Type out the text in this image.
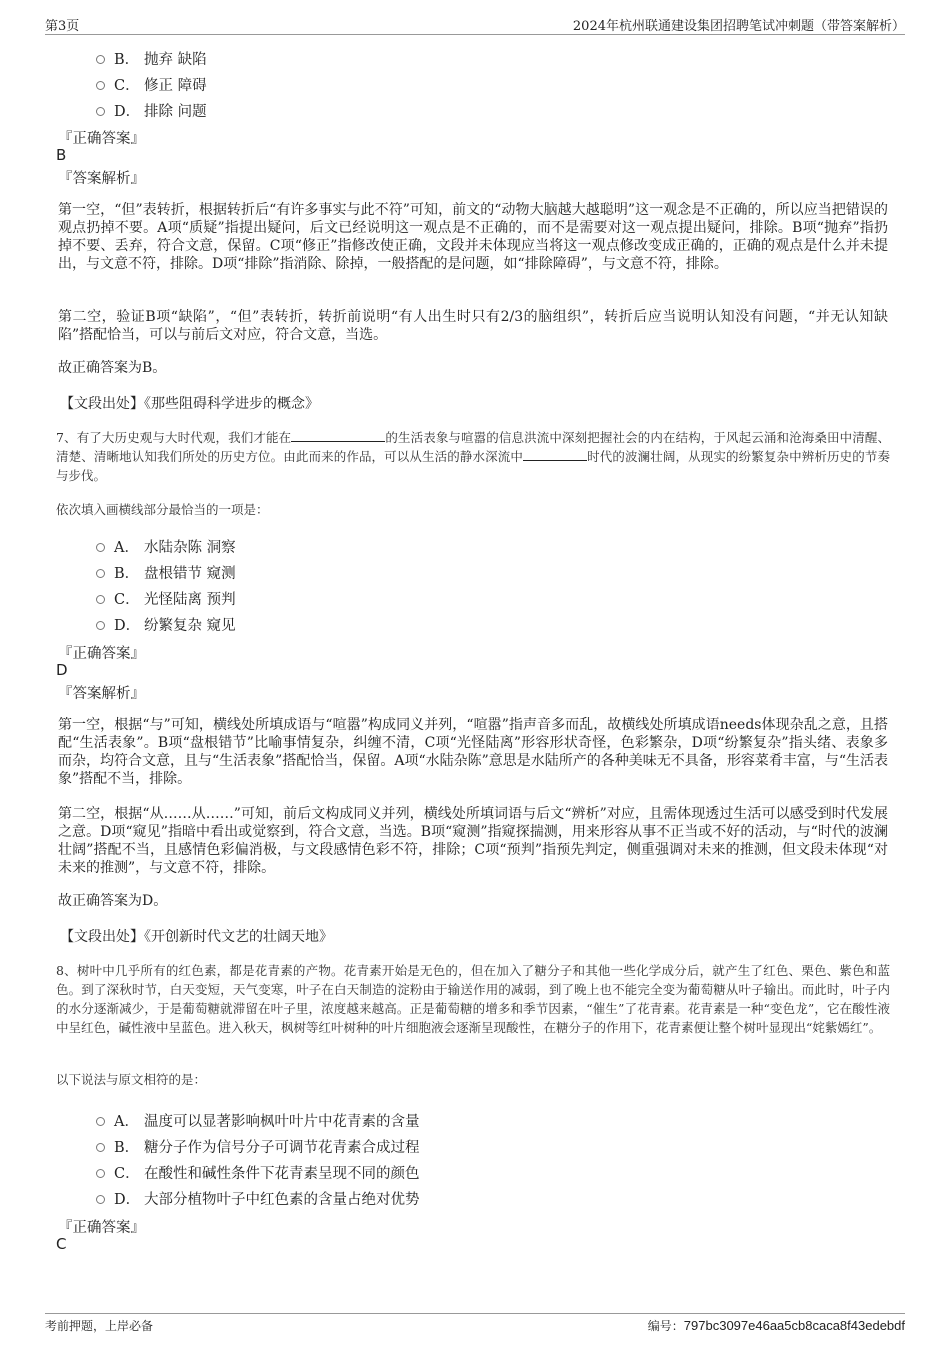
第3页	2024年杭州联通建设集团招聘笔试冲刺题（带答案解析）
B． 抛弃 缺陷
C． 修正 障碍
D． 排除 问题
『正确答案』
B
『答案解析』

第一空，“但”表转折，根据转折后“有许多事实与此不符”可知，前文的“动物大脑越大越聪明”这一观念是不正确的，所以应当把错误的观点扔掉不要。A项“质疑”指提出疑问，后文已经说明这一观点是不正确的，而不是需要对这一观点提出疑问，排除。B项“抛弃”指扔掉不要、丢弃，符合文意，保留。C项“修正”指修改使正确，文段并未体现应当将这一观点修改变成正确的，正确的观点是什么并未提出，与文意不符，排除。D项“排除”指消除、除掉，一般搭配的是问题，如“排除障碍”，与文意不符，排除。

第二空，验证B项“缺陷”，“但”表转折，转折前说明“有人出生时只有2/3的脑组织”，转折后应当说明认知没有问题，“并无认知缺陷”搭配恰当，可以与前后文对应，符合文意，当选。

故正确答案为B。

【文段出处】《那些阻碍科学进步的概念》

7、有了大历史观与大时代观，我们才能在	的生活表象与喧嚣的信息洪流中深刻把握社会的内在结构，于风起云涌和沧海桑田中清醒、清楚、清晰地认知我们所处的历史方位。由此而来的作品，可以从生活的静水深流中	时代的波澜壮阔，从现实的纷繁复杂中辨析历史的节奏与步伐。

依次填入画横线部分最恰当的一项是：
A． 水陆杂陈 洞察
B． 盘根错节 窥测
C． 光怪陆离 预判
D． 纷繁复杂 窥见
『正确答案』
D
『答案解析』

第一空，根据“与”可知，横线处所填成语与“喧嚣”构成同义并列，“喧嚣”指声音多而乱，故横线处所填成语needs体现杂乱之意，且搭配“生活表象”。B项“盘根错节”比喻事情复杂，纠缠不清，C项“光怪陆离”形容形状奇怪，色彩繁杂，D项“纷繁复杂”指头绪、表象多而杂，均符合文意，且与“生活表象”搭配恰当，保留。A项“水陆杂陈”意思是水陆所产的各种美味无不具备，形容菜肴丰富，与“生活表象”搭配不当，排除。

第二空，根据“从……从……”可知，前后文构成同义并列，横线处所填词语与后文“辨析”对应，且需体现透过生活可以感受到时代发展之意。D项“窥见”指暗中看出或觉察到，符合文意，当选。B项“窥测”指窥探揣测，用来形容从事不正当或不好的活动，与“时代的波澜壮阔”搭配不当，且感情色彩偏消极，与文段感情色彩不符，排除；C项“预判”指预先判定，侧重强调对未来的推测，但文段未体现“对未来的推测”，与文意不符，排除。

故正确答案为D。

【文段出处】《开创新时代文艺的壮阔天地》

8、树叶中几乎所有的红色素，都是花青素的产物。花青素开始是无色的，但在加入了糖分子和其他一些化学成分后，就产生了红色、栗色、紫色和蓝色。到了深秋时节，白天变短，天气变寒，叶子在白天制造的淀粉由于输送作用的减弱，到了晚上也不能完全变为葡萄糖从叶子输出。而此时，叶子内的水分逐渐减少，于是葡萄糖就滞留在叶子里，浓度越来越高。正是葡萄糖的增多和季节因素，“催生”了花青素。花青素是一种“变色龙”，它在酸性液中呈红色，碱性液中呈蓝色。进入秋天，枫树等红叶树种的叶片细胞液会逐渐呈现酸性，在糖分子的作用下，花青素便让整个树叶显现出“姹紫嫣红”。

以下说法与原文相符的是：
A． 温度可以显著影响枫叶叶片中花青素的含量
B． 糖分子作为信号分子可调节花青素合成过程
C． 在酸性和碱性条件下花青素呈现不同的颜色
D． 大部分植物叶子中红色素的含量占绝对优势
『正确答案』
C
考前押题，上岸必备	编号：797bc3097e46aa5cb8caca8f43edebdf
